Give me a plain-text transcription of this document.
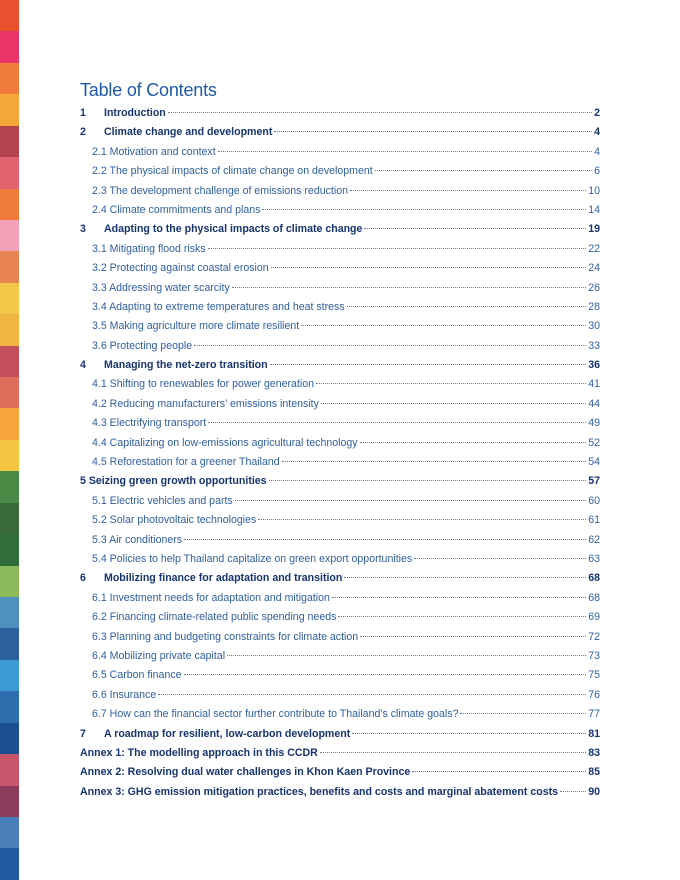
Table of Contents
1	Introduction	2
2	Climate change and development	4
2.1 Motivation and context	4
2.2 The physical impacts of climate change on development	6
2.3 The development challenge of emissions reduction	10
2.4 Climate commitments and plans	14
3	Adapting to the physical impacts of climate change	19
3.1 Mitigating flood risks	22
3.2 Protecting against coastal erosion	24
3.3 Addressing water scarcity	26
3.4 Adapting to extreme temperatures and heat stress	28
3.5 Making agriculture more climate resilient	30
3.6 Protecting people	33
4	Managing the net-zero transition	36
4.1 Shifting to renewables for power generation	41
4.2 Reducing manufacturers’ emissions intensity	44
4.3 Electrifying transport	49
4.4 Capitalizing on low-emissions agricultural technology	52
4.5 Reforestation for a greener Thailand	54
5 Seizing green growth opportunities	57
5.1 Electric vehicles and parts	60
5.2 Solar photovoltaic technologies	61
5.3 Air conditioners	62
5.4 Policies to help Thailand capitalize on green export opportunities	63
6	Mobilizing finance for adaptation and transition	68
6.1 Investment needs for adaptation and mitigation	68
6.2 Financing climate-related public spending needs	69
6.3 Planning and budgeting constraints for climate action	72
6.4 Mobilizing private capital	73
6.5 Carbon finance	75
6.6 Insurance	76
6.7 How can the financial sector further contribute to Thailand’s climate goals?	77
7	A roadmap for resilient, low-carbon development	81
Annex 1: The modelling approach in this CCDR	83
Annex 2: Resolving dual water challenges in Khon Kaen Province	85
Annex 3: GHG emission mitigation practices, benefits and costs and marginal abatement costs	90
